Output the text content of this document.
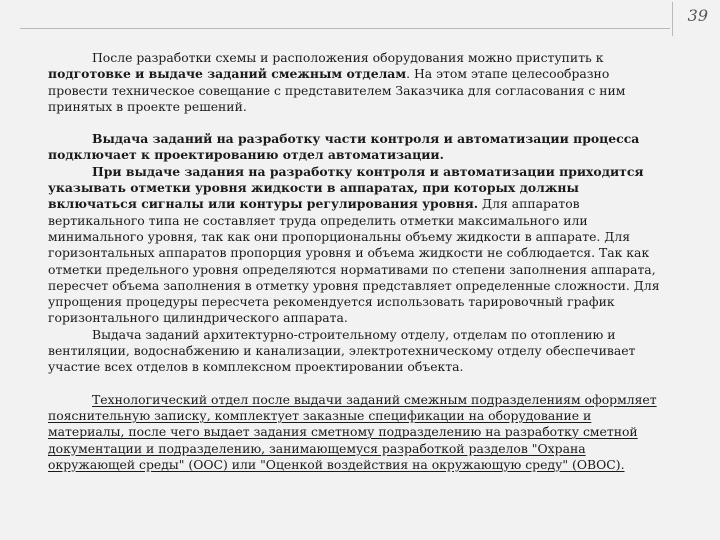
39

После разработки схемы и расположения оборудования можно приступить к подготовке и выдаче заданий смежным отделам. На этом этапе целесообразно провести техническое совещание с представителем Заказчика для согласования с ним принятых в проекте решений.

Выдача заданий на разработку части контроля и автоматизации процесса подключает к проектированию отдел автоматизации.

При выдаче задания на разработку контроля и автоматизации приходится указывать отметки уровня жидкости в аппаратах, при которых должны включаться сигналы или контуры регулирования уровня. Для аппаратов вертикального типа не составляет труда определить отметки максимального или минимального уровня, так как они пропорциональны объему жидкости в аппарате. Для горизонтальных аппаратов пропорция уровня и объема жидкости не соблюдается. Так как отметки предельного уровня определяются нормативами по степени заполнения аппарата, пересчет объема заполнения в отметку уровня представляет определенные сложности. Для упрощения процедуры пересчета рекомендуется использовать тарировочный график горизонтального цилиндрического аппарата.

Выдача заданий архитектурно-строительному отделу, отделам по отоплению и вентиляции, водоснабжению и канализации, электротехническому отделу обеспечивает участие всех отделов в комплексном проектировании объекта.

Технологический отдел после выдачи заданий смежным подразделениям оформляет пояснительную записку, комплектует заказные спецификации на оборудование и материалы, после чего выдает задания сметному подразделению на разработку сметной документации и подразделению, занимающемуся разработкой разделов "Охрана окружающей среды" (ООС) или "Оценкой воздействия на окружающую среду" (ОВОС).
